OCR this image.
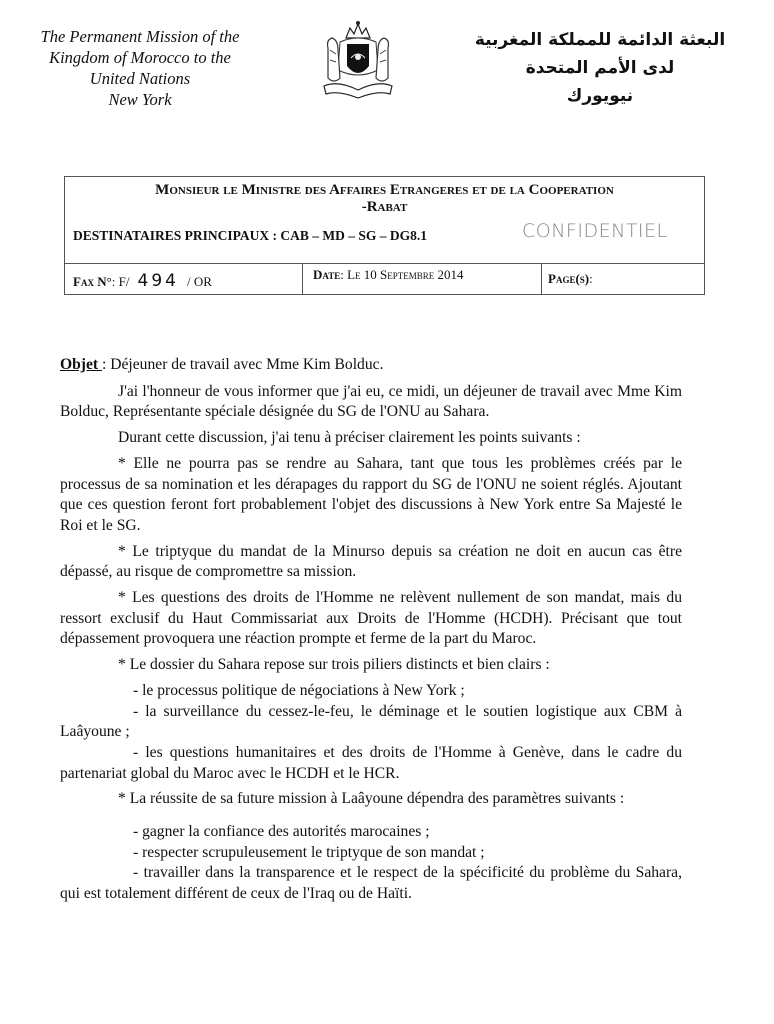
The Permanent Mission of the
Kingdom of Morocco to the
United Nations
New York
البعثة الدائمة للمملكة المغربية
لدى الأمم المتحدة
نيويورك
Monsieur le Ministre des Affaires Etrangeres et de la Cooperation
-Rabat
DESTINATAIRES PRINCIPAUX : CAB – MD – SG – DG8.1	CONFIDENTIEL
Fax N°: F/ 494 / OR	Date: Le 10 Septembre 2014	Page(s):

Objet : Déjeuner de travail avec Mme Kim Bolduc.

J'ai l'honneur de vous informer que j'ai eu, ce midi, un déjeuner de travail avec Mme Kim Bolduc, Représentante spéciale désignée du SG de l'ONU au Sahara.

Durant cette discussion, j'ai tenu à préciser clairement les points suivants :

* Elle ne pourra pas se rendre au Sahara, tant que tous les problèmes créés par le processus de sa nomination et les dérapages du rapport du SG de l'ONU ne soient réglés. Ajoutant que ces question feront fort probablement l'objet des discussions à New York entre Sa Majesté le Roi et le SG.

* Le triptyque du mandat de la Minurso depuis sa création ne doit en aucun cas être dépassé, au risque de compromettre sa mission.

* Les questions des droits de l'Homme ne relèvent nullement de son mandat, mais du ressort exclusif du Haut Commissariat aux Droits de l'Homme (HCDH). Précisant que tout dépassement provoquera une réaction prompte et ferme de la part du Maroc.

* Le dossier du Sahara repose sur trois piliers distincts et bien clairs :

- le processus politique de négociations à New York ;

- la surveillance du cessez-le-feu, le déminage et le soutien logistique aux CBM à Laâyoune ;

- les questions humanitaires et des droits de l'Homme à Genève, dans le cadre du partenariat global du Maroc avec le HCDH et le HCR.

* La réussite de sa future mission à Laâyoune dépendra des paramètres suivants :

- gagner la confiance des autorités marocaines ;

- respecter scrupuleusement le triptyque de son mandat ;

- travailler dans la transparence et le respect de la spécificité du problème du Sahara, qui est totalement différent de ceux de l'Iraq ou de Haïti.
